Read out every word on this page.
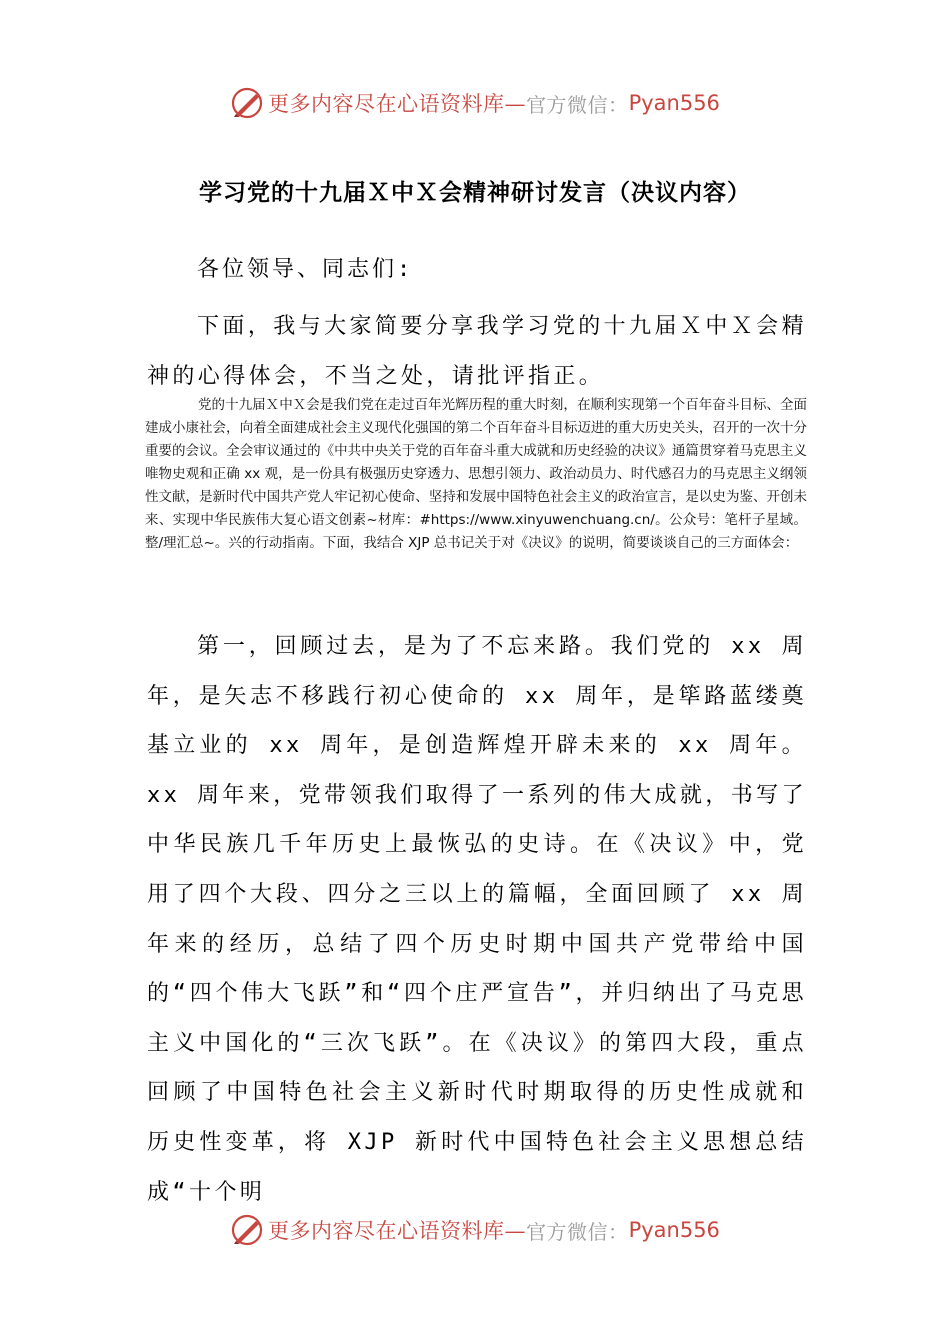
更多内容尽在心语资料库— 官方微信： Pyan556
学习党的十九届Ｘ中Ｘ会精神研讨发言（决议内容）
各位领导、同志们:

下面，我与大家简要分享我学习党的十九届Ｘ中Ｘ会精神的心得体会，不当之处，请批评指正。

党的十九届Ｘ中Ｘ会是我们党在走过百年光辉历程的重大时刻，在顺利实现第一个百年奋斗目标、全面建成小康社会，向着全面建成社会主义现代化强国的第二个百年奋斗目标迈进的重大历史关头，召开的一次十分重要的会议。全会审议通过的《中共中央关于党的百年奋斗重大成就和历史经验的决议》通篇贯穿着马克思主义唯物史观和正确 xx 观，是一份具有极强历史穿透力、思想引领力、政治动员力、时代感召力的马克思主义纲领性文献，是新时代中国共产党人牢记初心使命、坚持和发展中国特色社会主义的政治宣言，是以史为鉴、开创未来、实现中华民族伟大复心语文创素~材库：#https://www.xinyuwenchuang.cn/。公众号：笔杆子星域。整/理汇总~。兴的行动指南。下面，我结合 XJP 总书记关于对《决议》的说明，简要谈谈自己的三方面体会：

第一，回顾过去，是为了不忘来路。我们党的 xx 周年，是矢志不移践行初心使命的 xx 周年，是筚路蓝缕奠基立业的 xx 周年，是创造辉煌开辟未来的 xx 周年。xx 周年来，党带领我们取得了一系列的伟大成就，书写了中华民族几千年历史上最恢弘的史诗。在《决议》中，党用了四个大段、四分之三以上的篇幅，全面回顾了 xx 周年来的经历，总结了四个历史时期中国共产党带给中国的“四个伟大飞跃”和“四个庄严宣告”，并归纳出了马克思主义中国化的“三次飞跃”。在《决议》的第四大段，重点回顾了中国特色社会主义新时代时期取得的历史性成就和历史性变革，将 XJP 新时代中国特色社会主义思想总结成“十个明

更多内容尽在心语资料库— 官方微信： Pyan556
